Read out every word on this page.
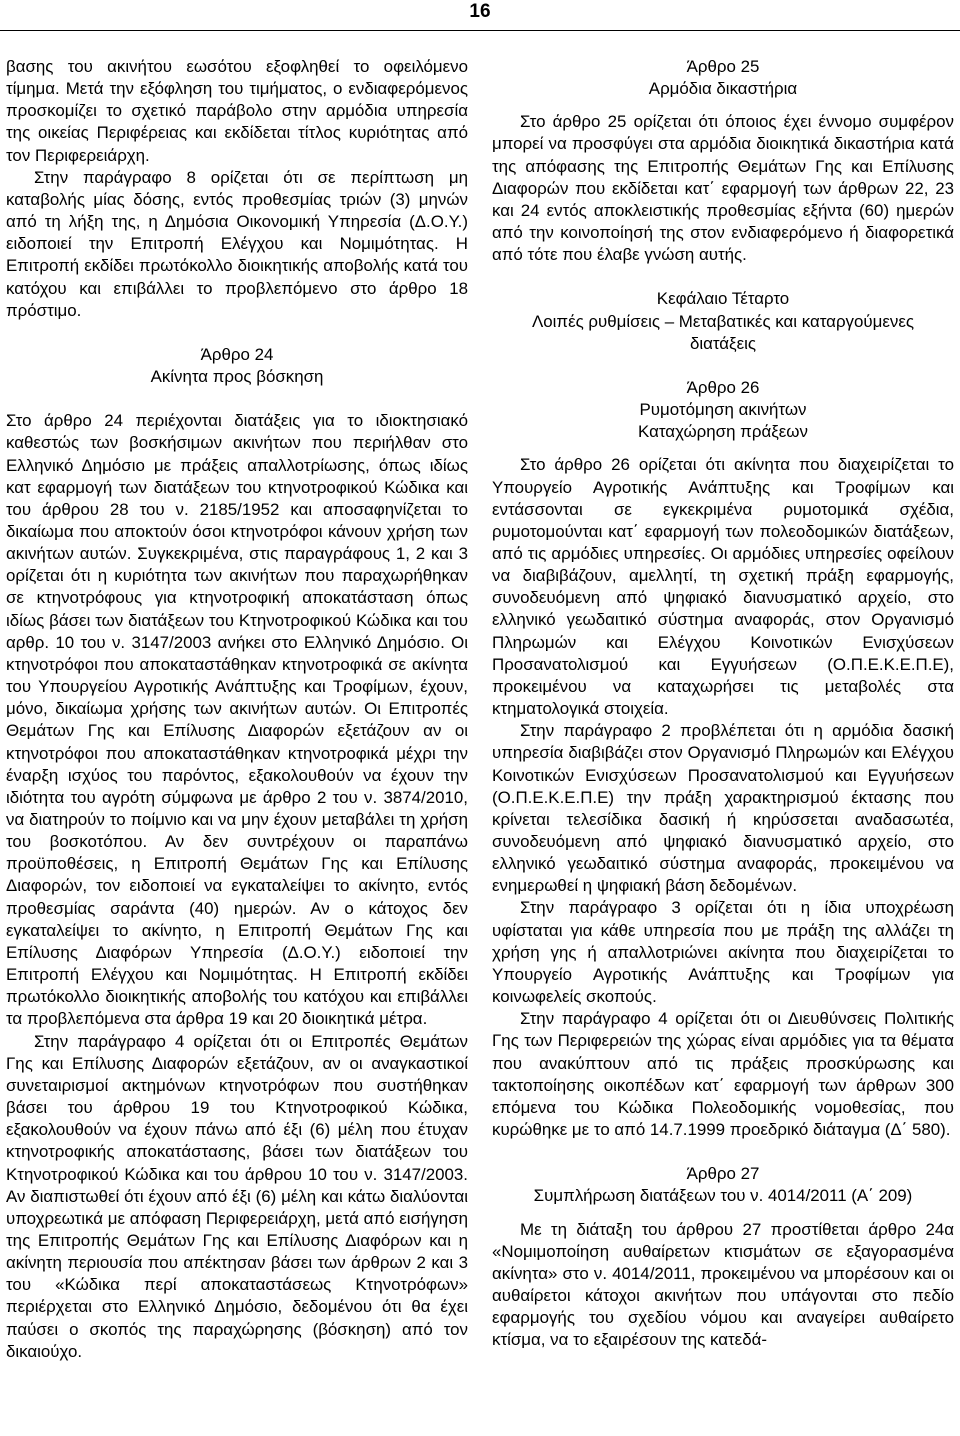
16

βασης του ακινήτου εωσότου εξοφληθεί το οφειλόμενο τίμημα. Μετά την εξόφληση του τιμήματος, ο ενδιαφερόμενος προσκομίζει το σχετικό παράβολο στην αρμόδια υπηρεσία της οικείας Περιφέρειας και εκδίδεται τίτλος κυριότητας από τον Περιφερειάρχη.

Στην παράγραφο 8 ορίζεται ότι σε περίπτωση μη καταβολής μίας δόσης, εντός προθεσμίας τριών (3) μηνών από τη λήξη της, η Δημόσια Οικονομική Υπηρεσία (Δ.Ο.Υ.) ειδοποιεί την Επιτροπή Ελέγχου και Νομιμότητας. Η Επιτροπή εκδίδει πρωτόκολλο διοικητικής αποβολής κατά του κατόχου και επιβάλλει το προβλεπόμενο στο άρθρο 18 πρόστιμο.

Άρθρο 24

Ακίνητα προς βόσκηση

Στο άρθρο 24 περιέχονται διατάξεις για το ιδιοκτησιακό καθεστώς των βοσκήσιμων ακινήτων που περιήλθαν στο Ελληνικό Δημόσιο με πράξεις απαλλοτρίωσης, όπως ιδίως κατ εφαρμογή των διατάξεων του κτηνοτροφικού Κώδικα και του άρθρου 28 του ν. 2185/1952 και αποσαφηνίζεται το δικαίωμα που αποκτούν όσοι κτηνοτρόφοι κάνουν χρήση των ακινήτων αυτών. Συγκεκριμένα, στις παραγράφους 1, 2 και 3 ορίζεται ότι η κυριότητα των ακινήτων που παραχωρήθηκαν σε κτηνοτρόφους για κτηνοτροφική αποκατάσταση όπως ιδίως βάσει των διατάξεων του Κτηνοτροφικού Κώδικα και του αρθρ. 10 του ν. 3147/2003 ανήκει στο Ελληνικό Δημόσιο. Οι κτηνοτρόφοι που αποκαταστάθηκαν κτηνοτροφικά σε ακίνητα του Υπουργείου Αγροτικής Ανάπτυξης και Τροφίμων, έχουν, μόνο, δικαίωμα χρήσης των ακινήτων αυτών. Οι Επιτροπές Θεμάτων Γης και Επίλυσης Διαφορών εξετάζουν αν οι κτηνοτρόφοι που αποκαταστάθηκαν κτηνοτροφικά μέχρι την έναρξη ισχύος του παρόντος, εξακολουθούν να έχουν την ιδιότητα του αγρότη σύμφωνα με άρθρο 2 του ν. 3874/2010, να διατηρούν το ποίμνιο και να μην έχουν μεταβάλει τη χρήση του βοσκοτόπου. Αν δεν συντρέχουν οι παραπάνω προϋποθέσεις, η Επιτροπή Θεμάτων Γης και Επίλυσης Διαφορών, τον ειδοποιεί να εγκαταλείψει το ακίνητο, εντός προθεσμίας σαράντα (40) ημερών. Αν ο κάτοχος δεν εγκαταλείψει το ακίνητο, η Επιτροπή Θεμάτων Γης και Επίλυσης Διαφόρων Υπηρεσία (Δ.Ο.Υ.) ειδοποιεί την Επιτροπή Ελέγχου και Νομιμότητας. Η Επιτροπή εκδίδει πρωτόκολλο διοικητικής αποβολής του κατόχου και επιβάλλει τα προβλεπόμενα στα άρθρα 19 και 20 διοικητικά μέτρα.

Στην παράγραφο 4 ορίζεται ότι οι Επιτροπές Θεμάτων Γης και Επίλυσης Διαφορών εξετάζουν, αν οι αναγκαστικοί συνεταιρισμοί ακτημόνων κτηνοτρόφων που συστήθηκαν βάσει του άρθρου 19 του Κτηνοτροφικού Κώδικα, εξακολουθούν να έχουν πάνω από έξι (6) μέλη που έτυχαν κτηνοτροφικής αποκατάστασης, βάσει των διατάξεων του Κτηνοτροφικού Κώδικα και του άρθρου 10 του ν. 3147/2003. Αν διαπιστωθεί ότι έχουν από έξι (6) μέλη και κάτω διαλύονται υποχρεωτικά με απόφαση Περιφερειάρχη, μετά από εισήγηση της Επιτροπής Θεμάτων Γης και Επίλυσης Διαφόρων και η ακίνητη περιουσία που απέκτησαν βάσει των άρθρων 2 και 3 του «Κώδικα περί αποκαταστάσεως Κτηνοτρόφων» περιέρχεται στο Ελληνικό Δημόσιο, δεδομένου ότι θα έχει παύσει ο σκοπός της παραχώρησης (βόσκηση) από τον δικαιούχο.

Άρθρο 25

Αρμόδια δικαστήρια

Στο άρθρο 25 ορίζεται ότι όποιος έχει έννομο συμφέρον μπορεί να προσφύγει στα αρμόδια διοικητικά δικαστήρια κατά της απόφασης της Επιτροπής Θεμάτων Γης και Επίλυσης Διαφορών που εκδίδεται κατ΄ εφαρμογή των άρθρων 22, 23 και 24 εντός αποκλειστικής προθεσμίας εξήντα (60) ημερών από την κοινοποίησή της στον ενδιαφερόμενο ή διαφορετικά από τότε που έλαβε γνώση αυτής.

Κεφάλαιο Τέταρτο

Λοιπές ρυθμίσεις – Μεταβατικές και καταργούμενες

διατάξεις

Άρθρο 26

Ρυμοτόμηση ακινήτων

Καταχώρηση πράξεων

Στο άρθρο 26 ορίζεται ότι ακίνητα που διαχειρίζεται το Υπουργείο Αγροτικής Ανάπτυξης και Τροφίμων και εντάσσονται σε εγκεκριμένα ρυμοτομικά σχέδια, ρυμοτομούνται κατ΄ εφαρμογή των πολεοδομικών διατάξεων, από τις αρμόδιες υπηρεσίες. Οι αρμόδιες υπηρεσίες οφείλουν να διαβιβάζουν, αμελλητί, τη σχετική πράξη εφαρμογής, συνοδευόμενη από ψηφιακό διανυσματικό αρχείο, στο ελληνικό γεωδαιτικό σύστημα αναφοράς, στον Οργανισμό Πληρωμών και Ελέγχου Κοινοτικών Ενισχύσεων Προσανατολισμού και Εγγυήσεων (Ο.Π.Ε.Κ.Ε.Π.Ε), προκειμένου να καταχωρήσει τις μεταβολές στα κτηματολογικά στοιχεία.

Στην παράγραφο 2 προβλέπεται ότι η αρμόδια δασική υπηρεσία διαβιβάζει στον Οργανισμό Πληρωμών και Ελέγχου Κοινοτικών Ενισχύσεων Προσανατολισμού και Εγγυήσεων (Ο.Π.Ε.Κ.Ε.Π.Ε) την πράξη χαρακτηρισμού έκτασης που κρίνεται τελεσίδικα δασική ή κηρύσσεται αναδασωτέα, συνοδευόμενη από ψηφιακό διανυσματικό αρχείο, στο ελληνικό γεωδαιτικό σύστημα αναφοράς, προκειμένου να ενημερωθεί η ψηφιακή βάση δεδομένων.

Στην παράγραφο 3 ορίζεται ότι η ίδια υποχρέωση υφίσταται για κάθε υπηρεσία που με πράξη της αλλάζει τη χρήση γης ή απαλλοτριώνει ακίνητα που διαχειρίζεται το Υπουργείο Αγροτικής Ανάπτυξης και Τροφίμων για κοινωφελείς σκοπούς.

Στην παράγραφο 4 ορίζεται ότι οι Διευθύνσεις Πολιτικής Γης των Περιφερειών της χώρας είναι αρμόδιες για τα θέματα που ανακύπτουν από τις πράξεις προσκύρωσης και τακτοποίησης οικοπέδων κατ΄ εφαρμογή των άρθρων 300 επόμενα του Κώδικα Πολεοδομικής νομοθεσίας, που κυρώθηκε με το από 14.7.1999 προεδρικό διάταγμα (Δ΄ 580).

Άρθρο 27

Συμπλήρωση διατάξεων του ν. 4014/2011 (Α΄ 209)

Με τη διάταξη του άρθρου 27 προστίθεται άρθρο 24α «Νομιμοποίηση αυθαίρετων κτισμάτων σε εξαγορασμένα ακίνητα» στο ν. 4014/2011, προκειμένου να μπορέσουν και οι αυθαίρετοι κάτοχοι ακινήτων που υπάγονται στο πεδίο εφαρμογής του σχεδίου νόμου και αναγείρει αυθαίρετο κτίσμα, να το εξαιρέσουν της κατεδά-
